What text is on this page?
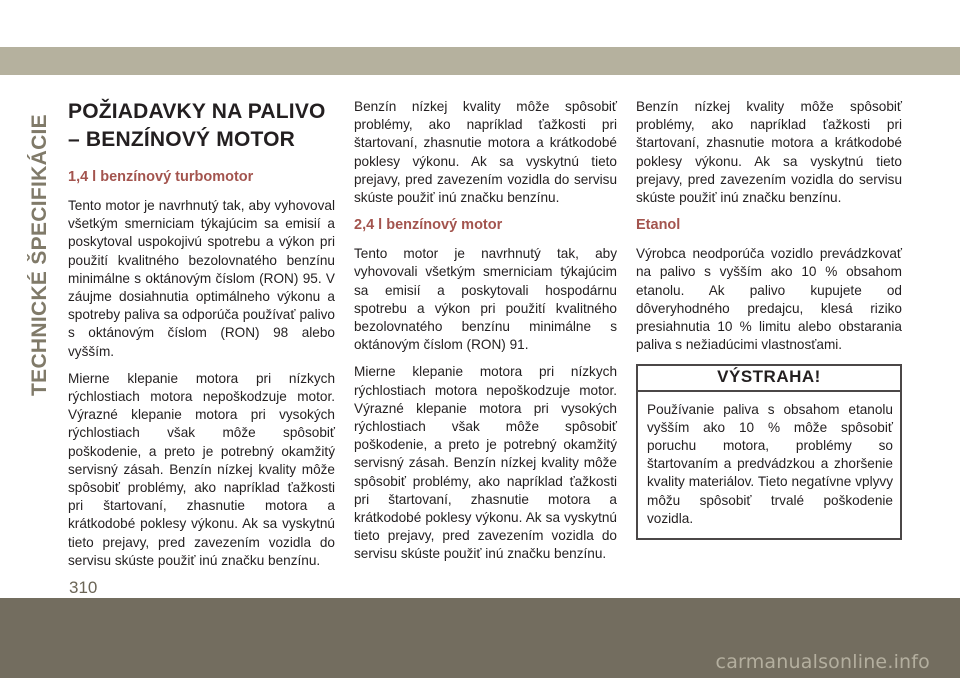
TECHNICKÉ ŠPECIFIKÁCIE
POŽIADAVKY NA PALIVO – BENZÍNOVÝ MOTOR
1,4 l benzínový turbomotor

Tento motor je navrhnutý tak, aby vyhovoval všetkým smerniciam týkajúcim sa emisií a poskytoval uspokojivú spotrebu a výkon pri použití kvalitného bezolovnatého benzínu minimálne s oktánovým číslom (RON) 95. V záujme dosiahnutia optimálneho výkonu a spotreby paliva sa odporúča používať palivo s oktánovým číslom (RON) 98 alebo vyšším.

Mierne klepanie motora pri nízkych rýchlostiach motora nepoškodzuje motor. Výrazné klepanie motora pri vysokých rýchlostiach však môže spôsobiť poškodenie, a preto je potrebný okamžitý servisný zásah. Benzín nízkej kvality môže spôsobiť problémy, ako napríklad ťažkosti pri štartovaní, zhasnutie motora a krátkodobé poklesy výkonu. Ak sa vyskytnú tieto prejavy, pred zavezením vozidla do servisu skúste použiť inú značku benzínu.

Benzín nízkej kvality môže spôsobiť problémy, ako napríklad ťažkosti pri štartovaní, zhasnutie motora a krátkodobé poklesy výkonu. Ak sa vyskytnú tieto prejavy, pred zavezením vozidla do servisu skúste použiť inú značku benzínu.

2,4 l benzínový motor

Tento motor je navrhnutý tak, aby vyhovovali všetkým smerniciam týkajúcim sa emisií a poskytovali hospodárnu spotrebu a výkon pri použití kvalitného bezolovnatého benzínu minimálne s oktánovým číslom (RON) 91.

Mierne klepanie motora pri nízkych rýchlostiach motora nepoškodzuje motor. Výrazné klepanie motora pri vysokých rýchlostiach však môže spôsobiť poškodenie, a preto je potrebný okamžitý servisný zásah. Benzín nízkej kvality môže spôsobiť problémy, ako napríklad ťažkosti pri štartovaní, zhasnutie motora a krátkodobé poklesy výkonu. Ak sa vyskytnú tieto prejavy, pred zavezením vozidla do servisu skúste použiť inú značku benzínu.

Benzín nízkej kvality môže spôsobiť problémy, ako napríklad ťažkosti pri štartovaní, zhasnutie motora a krátkodobé poklesy výkonu. Ak sa vyskytnú tieto prejavy, pred zavezením vozidla do servisu skúste použiť inú značku benzínu.

Etanol

Výrobca neodporúča vozidlo prevádzkovať na palivo s vyšším ako 10 % obsahom etanolu. Ak palivo kupujete od dôveryhodného predajcu, klesá riziko presiahnutia 10 % limitu alebo obstarania paliva s nežiadúcimi vlastnosťami.

VÝSTRAHA!

Používanie paliva s obsahom etanolu vyšším ako 10 % môže spôsobiť poruchu motora, problémy so štartovaním a predvádzkou a zhoršenie kvality materiálov. Tieto negatívne vplyvy môžu spôsobiť trvalé poškodenie vozidla.

310
carmanualsonline.info
